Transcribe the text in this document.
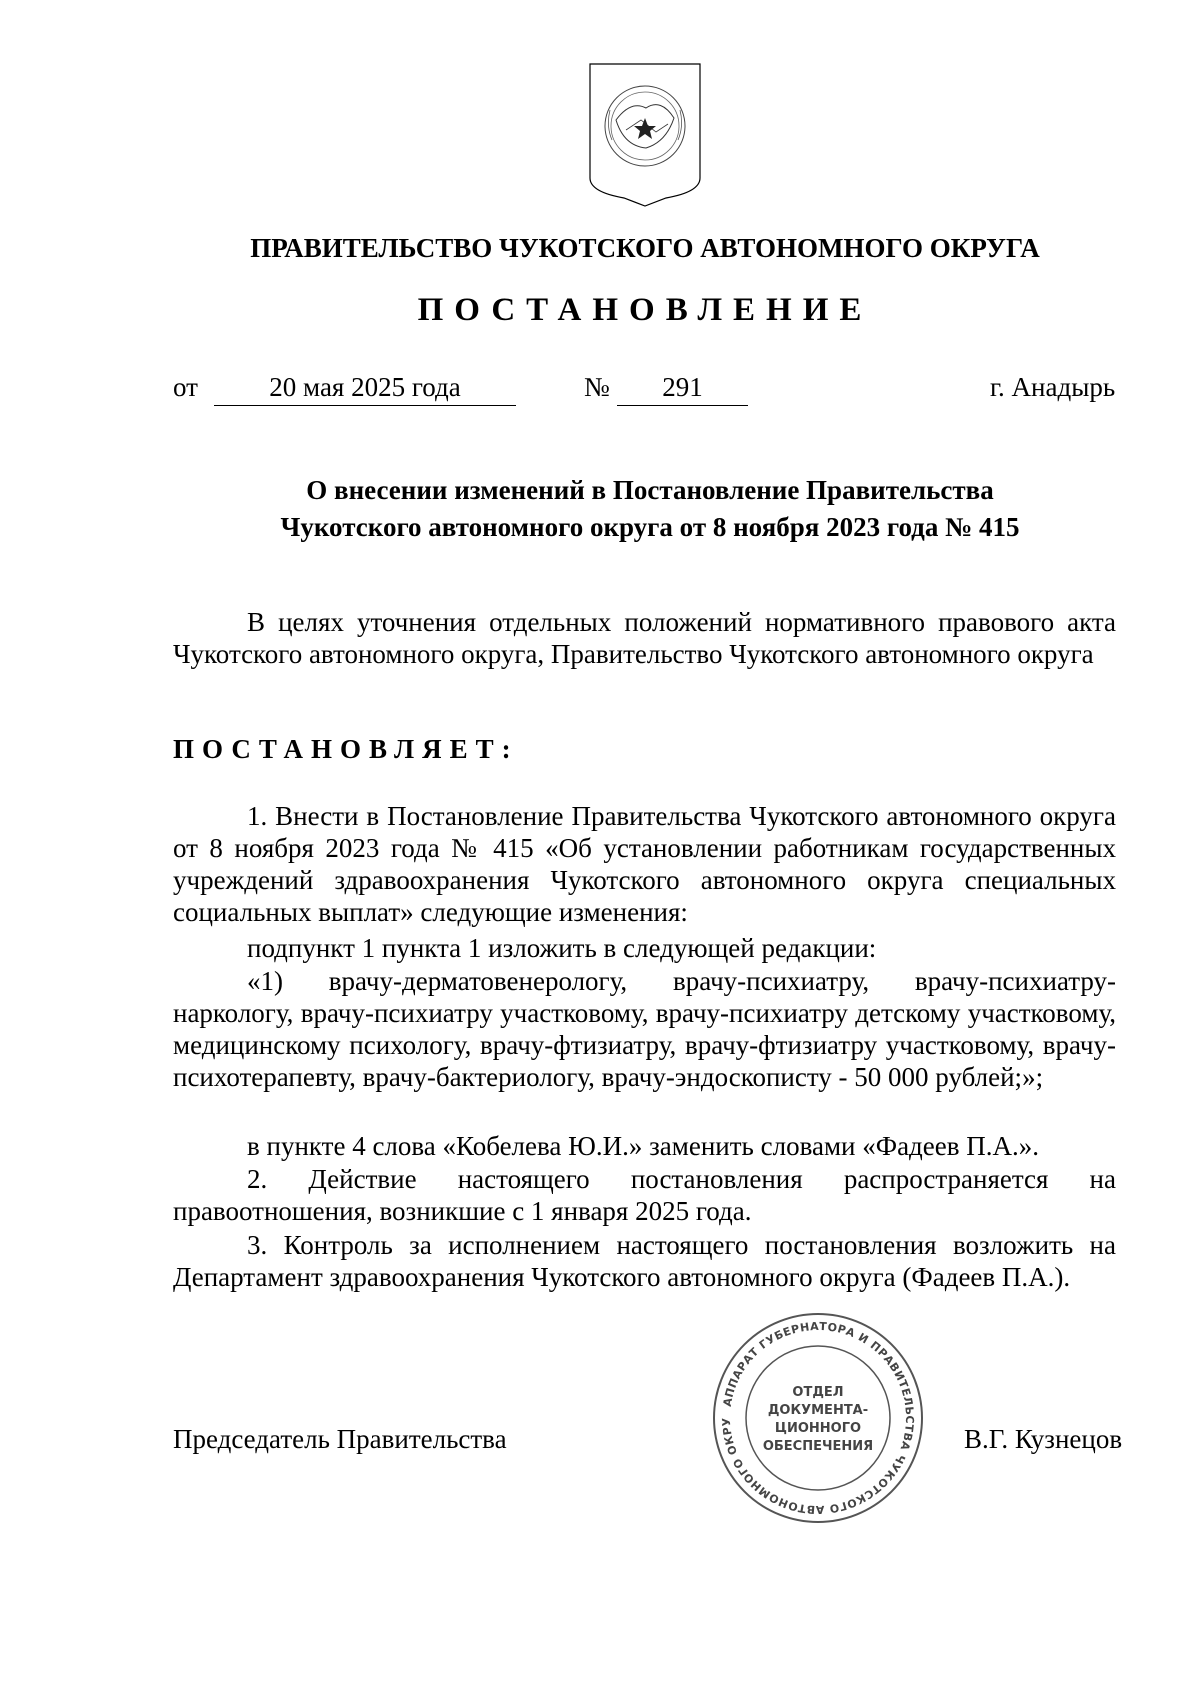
ПРАВИТЕЛЬСТВО ЧУКОТСКОГО АВТОНОМНОГО ОКРУГА
ПОСТАНОВЛЕНИЕ
от	20 мая 2025 года	№	291	г. Анадырь
О внесении изменений в Постановление Правительства
Чукотского автономного округа от 8 ноября 2023 года № 415

В целях уточнения отдельных положений нормативного правового акта Чукотского автономного округа, Правительство Чукотского автономного округа

ПОСТАНОВЛЯЕТ:

1. Внести в Постановление Правительства Чукотского автономного округа от 8 ноября 2023 года № 415 «Об установлении работникам государственных учреждений здравоохранения Чукотского автономного округа специальных социальных выплат» следующие изменения:

подпункт 1 пункта 1 изложить в следующей редакции:

«1) врачу-дерматовенерологу, врачу-психиатру, врачу-психиатру-наркологу, врачу-психиатру участковому, врачу-психиатру детскому участковому, медицинскому психологу, врачу-фтизиатру, врачу-фтизиатру участковому, врачу-психотерапевту, врачу-бактериологу, врачу-эндоскописту - 50 000 рублей;»;

в пункте 4 слова «Кобелева Ю.И.» заменить словами «Фадеев П.А.».

2. Действие настоящего постановления распространяется на правоотношения, возникшие с 1 января 2025 года.

3. Контроль за исполнением настоящего постановления возложить на Департамент здравоохранения Чукотского автономного округа (Фадеев П.А.).

Председатель Правительства	В.Г. Кузнецов
АППАРАТ ГУБЕРНАТОРА И ПРАВИТЕЛЬСТВА ЧУКОТСКОГО АВТОНОМНОГО ОКРУ
ОТДЕЛ
ДОКУМЕНТА-
ЦИОННОГО
ОБЕСПЕЧЕНИЯ
